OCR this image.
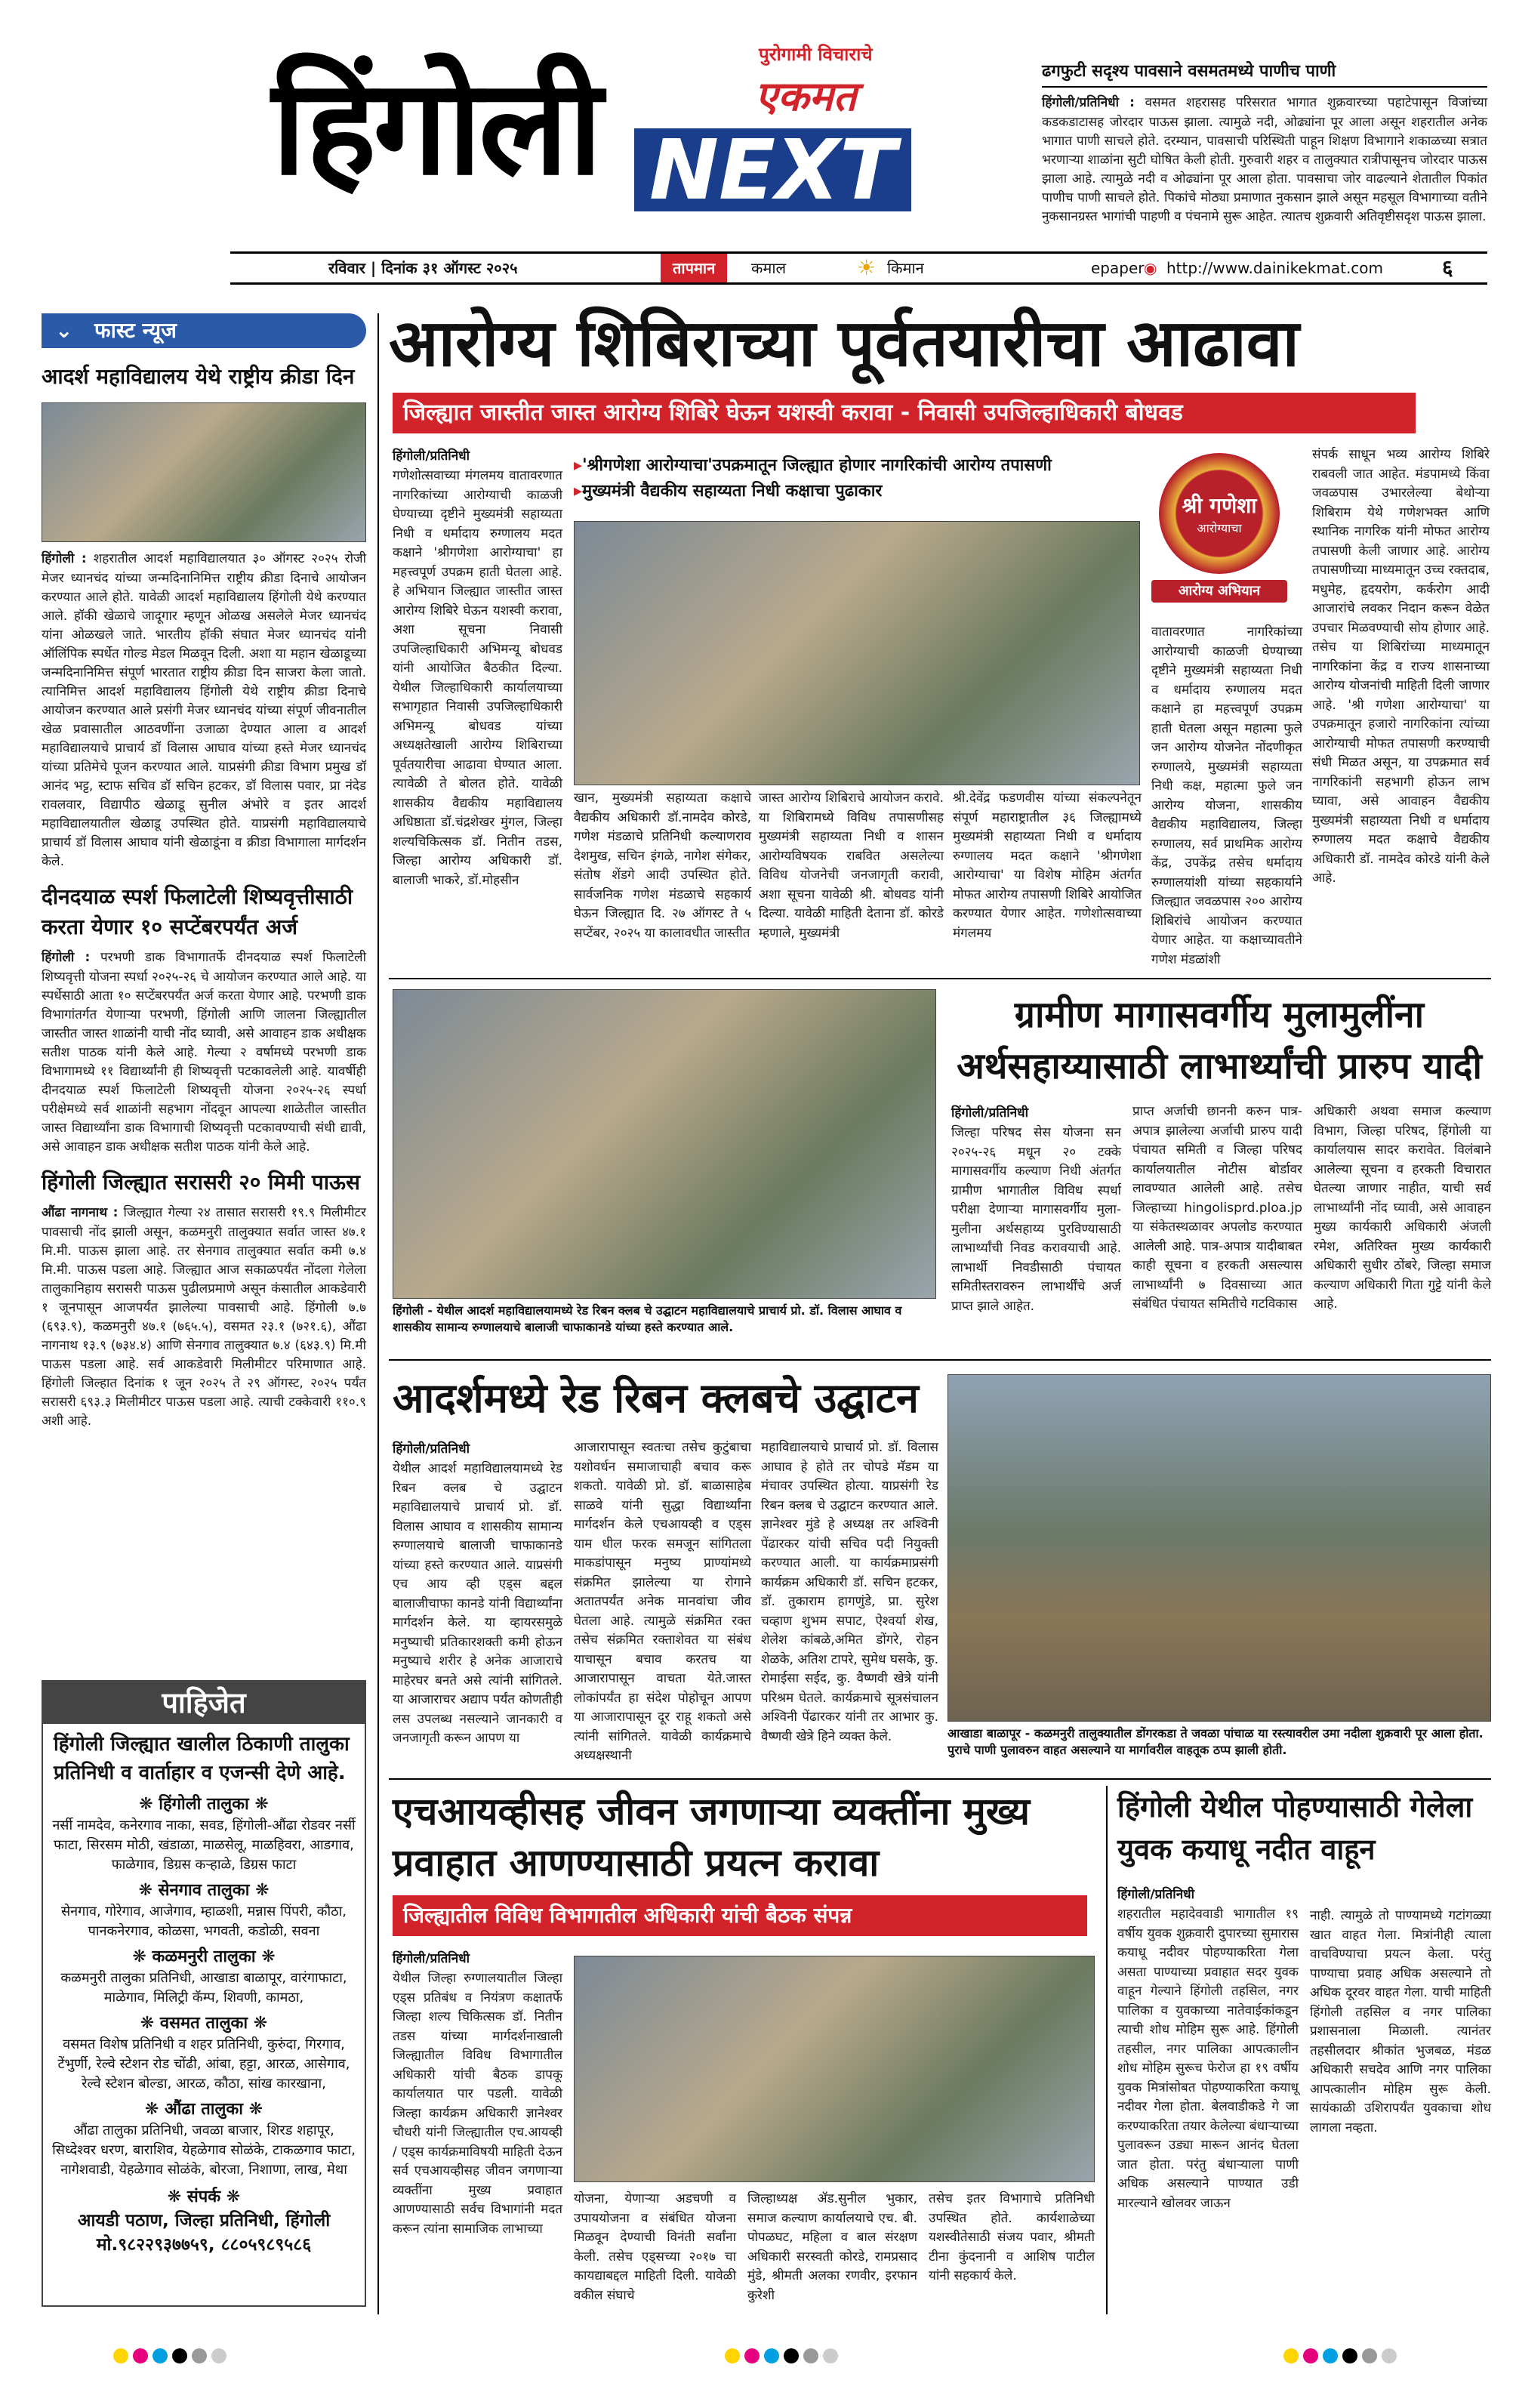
हिंगोली	पुरोगामी विचाराचे
एकमत
NEXT
ढगफुटी सदृश्य पावसाने वसमतमध्ये पाणीच पाणी
हिंगोली/प्रतिनिधी : वसमत शहरासह परिसरात भागात शुक्रवारच्या पहाटेपासून विजांच्या कडकडाटासह जोरदार पाऊस झाला. त्यामुळे नदी, ओढ्यांना पूर आला असून शहरातील अनेक भागात पाणी साचले होते. दरम्यान, पावसाची परिस्थिती पाहून शिक्षण विभागाने शकाळच्या सत्रात भरणाऱ्या शाळांना सुटी घोषित केली होती. गुरुवारी शहर व तालुक्यात रात्रीपासूनच जोरदार पाऊस झाला आहे. त्यामुळे नदी व ओढ्यांना पूर आला होता. पावसाचा जोर वाढल्याने शेतातील पिकांत पाणीच पाणी साचले होते. पिकांचे मोठ्या प्रमाणात नुकसान झाले असून महसूल विभागाच्या वतीने नुकसानग्रस्त भागांची पाहणी व पंचनामे सुरू आहेत. त्यातच शुक्रवारी अतिवृष्टीसदृश पाऊस झाला.
रविवार | दिनांक ३१ ऑगस्ट २०२५	तापमान	कमाल	☀ किमान	epaper ◉ http://www.dainikekmat.com	६
⌄ फास्ट न्यूज
आदर्श महाविद्यालय येथे राष्ट्रीय क्रीडा दिन
हिंगोली : शहरातील आदर्श महाविद्यालयात ३० ऑगस्ट २०२५ रोजी मेजर ध्यानचंद यांच्या जन्मदिनानिमित्त राष्ट्रीय क्रीडा दिनाचे आयोजन करण्यात आले होते. यावेळी आदर्श महाविद्यालय हिंगोली येथे करण्यात आले. हॉकी खेळाचे जादूगार म्हणून ओळख असलेले मेजर ध्यानचंद यांना ओळखले जाते. भारतीय हॉकी संघात मेजर ध्यानचंद यांनी ऑलिंपिक स्पर्धेत गोल्ड मेडल मिळवून दिली. अशा या महान खेळाडूच्या जन्मदिनानिमित्त संपूर्ण भारतात राष्ट्रीय क्रीडा दिन साजरा केला जातो. त्यानिमित्त आदर्श महाविद्यालय हिंगोली येथे राष्ट्रीय क्रीडा दिनाचे आयोजन करण्यात आले प्रसंगी मेजर ध्यानचंद यांच्या संपूर्ण जीवनातील खेळ प्रवासातील आठवणींना उजाळा देण्यात आला व आदर्श महाविद्यालयाचे प्राचार्य डॉ विलास आघाव यांच्या हस्ते मेजर ध्यानचंद यांच्या प्रतिमेचे पूजन करण्यात आले. याप्रसंगी क्रीडा विभाग प्रमुख डॉ आनंद भट्ट, स्टाफ सचिव डॉ सचिन हटकर, डॉ विलास पवार, प्रा नंदेड रावलवार, विद्यापीठ खेळाडू सुनील अंभोरे व इतर आदर्श महाविद्यालयातील खेळाडू उपस्थित होते. याप्रसंगी महाविद्यालयाचे प्राचार्य डॉ विलास आघाव यांनी खेळाडूंना व क्रीडा विभागाला मार्गदर्शन केले.
दीनदयाळ स्पर्श फिलाटेली शिष्यवृत्तीसाठी करता येणार १० सप्टेंबरपर्यंत अर्ज
हिंगोली : परभणी डाक विभागातर्फे दीनदयाळ स्पर्श फिलाटेली शिष्यवृत्ती योजना स्पर्धा २०२५-२६ चे आयोजन करण्यात आले आहे. या स्पर्धेसाठी आता १० सप्टेंबरपर्यंत अर्ज करता येणार आहे. परभणी डाक विभागांतर्गत येणाऱ्या परभणी, हिंगोली आणि जालना जिल्ह्यातील जास्तीत जास्त शाळांनी याची नोंद घ्यावी, असे आवाहन डाक अधीक्षक सतीश पाठक यांनी केले आहे. गेल्या २ वर्षामध्ये परभणी डाक विभागामध्ये ११ विद्यार्थ्यांनी ही शिष्यवृत्ती पटकावलेली आहे. यावर्षीही दीनदयाळ स्पर्श फिलाटेली शिष्यवृत्ती योजना २०२५-२६ स्पर्धा परीक्षेमध्ये सर्व शाळांनी सहभाग नोंदवून आपल्या शाळेतील जास्तीत जास्त विद्यार्थ्यांना डाक विभागाची शिष्यवृत्ती पटकावण्याची संधी द्यावी, असे आवाहन डाक अधीक्षक सतीश पाठक यांनी केले आहे.
हिंगोली जिल्ह्यात सरासरी २० मिमी पाऊस
औंढा नागनाथ : जिल्ह्यात गेल्या २४ तासात सरासरी १९.९ मिलीमीटर पावसाची नोंद झाली असून, कळमनुरी तालुक्यात सर्वात जास्त ४७.१ मि.मी. पाऊस झाला आहे. तर सेनगाव तालुक्यात सर्वात कमी ७.४ मि.मी. पाऊस पडला आहे. जिल्ह्यात आज सकाळपर्यंत नोंदला गेलेला तालुकानिहाय सरासरी पाऊस पुढीलप्रमाणे असून कंसातील आकडेवारी १ जूनपासून आजपर्यंत झालेल्या पावसाची आहे. हिंगोली ७.७ (६९३.९), कळमनुरी ४७.१ (७६५.५), वसमत २३.१ (७२१.६), औंढा नागनाथ १३.९ (७३४.४) आणि सेनगाव तालुक्यात ७.४ (६४३.९) मि.मी पाऊस पडला आहे. सर्व आकडेवारी मिलीमीटर परिमाणात आहे. हिंगोली जिल्हात दिनांक १ जून २०२५ ते २९ ऑगस्ट, २०२५ पर्यंत सरासरी ६९३.३ मिलीमीटर पाऊस पडला आहे. त्याची टक्केवारी ११०.९ अशी आहे.
पाहिजेत
हिंगोली जिल्ह्यात खालील ठिकाणी तालुका प्रतिनिधी व वार्ताहार व एजन्सी देणे आहे.
❋ हिंगोली तालुका ❋
नर्सी नामदेव, कनेरगाव नाका, सवड, हिंगोली-औंढा रोडवर नर्सी फाटा, सिरसम मोठी, खंडाळा, माळसेलू, माळहिवरा, आडगाव, फाळेगाव, डिग्रस कऱ्हाळे, डिग्रस फाटा
❋ सेनगाव तालुका ❋
सेनगाव, गोरेगाव, आजेगाव, म्हाळशी, मन्नास पिंपरी, कौठा, पानकनेरगाव, कोळसा, भगवती, कडोळी, सवना
❋ कळमनुरी तालुका ❋
कळमनुरी तालुका प्रतिनिधी, आखाडा बाळापूर, वारंगाफाटा, माळेगाव, मिलिट्री कॅम्प, शिवणी, कामठा,
❋ वसमत तालुका ❋
वसमत विशेष प्रतिनिधी व शहर प्रतिनिधी, कुरुंदा, गिरगाव, टेंभुर्णी, रेल्वे स्टेशन रोड चोंढी, आंबा, हट्टा, आरळ, आसेगाव, रेल्वे स्टेशन बोल्डा, आरळ, कौठा, सांख कारखाना,
❋ औंढा तालुका ❋
औंढा तालुका प्रतिनिधी, जवळा बाजार, शिरड शहापूर, सिध्देश्वर धरण, बाराशिव, येहळेगाव सोळंके, टाकळगाव फाटा, नागेशवाडी, येहळेगाव सोळंके, बोरजा, निशाणा, लाख, मेथा
❋ संपर्क ❋
आयडी पठाण, जिल्हा प्रतिनिधी, हिंगोली
मो.९८२२९३७७५९, ८८०५९८९५८६
आरोग्य शिबिराच्या पूर्वतयारीचा आढावा
जिल्ह्यात जास्तीत जास्त आरोग्य शिबिरे घेऊन यशस्वी करावा - निवासी उपजिल्हाधिकारी बोधवड
हिंगोली/प्रतिनिधी
गणेशोत्सवाच्या मंगलमय वातावरणात नागरिकांच्या आरोग्याची काळजी घेण्याच्या दृष्टीने मुख्यमंत्री सहाय्यता निधी व धर्मादाय रुग्णालय मदत कक्षाने 'श्रीगणेशा आरोग्याचा' हा महत्त्वपूर्ण उपक्रम हाती घेतला आहे. हे अभियान जिल्ह्यात जास्तीत जास्त आरोग्य शिबिरे घेऊन यशस्वी करावा, अशा सूचना निवासी उपजिल्हाधिकारी अभिमन्यू बोधवड यांनी आयोजित बैठकीत दिल्या. येथील जिल्हाधिकारी कार्यालयाच्या सभागृहात निवासी उपजिल्हाधिकारी अभिमन्यू बोधवड यांच्या अध्यक्षतेखाली आरोग्य शिबिराच्या पूर्वतयारीचा आढावा घेण्यात आला. त्यावेळी ते बोलत होते. यावेळी शासकीय वैद्यकीय महाविद्यालय अधिष्ठाता डॉ.चंद्रशेखर मुंगल, जिल्हा शल्यचिकित्सक डॉ. नितीन तडस, जिल्हा आरोग्य अधिकारी डॉ. बालाजी भाकरे, डॉ.मोहसीन
▸ 'श्रीगणेशा आरोग्याचा'उपक्रमातून जिल्ह्यात होणार नागरिकांची आरोग्य तपासणी
▸ मुख्यमंत्री वैद्यकीय सहाय्यता निधी कक्षाचा पुढाकार
खान, मुख्यमंत्री सहाय्यता कक्षाचे वैद्यकीय अधिकारी डॉ.नामदेव कोरडे, गणेश मंडळाचे प्रतिनिधी कल्याणराव देशमुख, सचिन इंगळे, नागेश संगेकर, संतोष शेंडगे आदी उपस्थित होते. सार्वजनिक गणेश मंडळाचे सहकार्य घेऊन जिल्ह्यात दि. २७ ऑगस्ट ते ५ सप्टेंबर, २०२५ या कालावधीत जास्तीत
जास्त आरोग्य शिबिराचे आयोजन करावे. या शिबिरामध्ये विविध तपासणीसह मुख्यमंत्री सहाय्यता निधी व शासन आरोग्यविषयक राबवित असलेल्या विविध योजनेची जनजागृती करावी, अशा सूचना यावेळी श्री. बोधवड यांनी दिल्या. यावेळी माहिती देताना डॉ. कोरडे म्हणाले, मुख्यमंत्री
श्री.देवेंद्र फडणवीस यांच्या संकल्पनेतून संपूर्ण महाराष्ट्रातील ३६ जिल्ह्यामध्ये मुख्यमंत्री सहाय्यता निधी व धर्मादाय रुग्णालय मदत कक्षाने 'श्रीगणेशा आरोग्याचा' या विशेष मोहिम अंतर्गत मोफत आरोग्य तपासणी शिबिरे आयोजित करण्यात येणार आहेत. गणेशोत्सवाच्या मंगलमय
श्री गणेशा
आरोग्याचा
आरोग्य अभियान
वातावरणात नागरिकांच्या आरोग्याची काळजी घेण्याच्या दृष्टीने मुख्यमंत्री सहाय्यता निधी व धर्मादाय रुग्णालय मदत कक्षाने हा महत्त्वपूर्ण उपक्रम हाती घेतला असून महात्मा फुले जन आरोग्य योजनेत नोंदणीकृत रुग्णालये, मुख्यमंत्री सहाय्यता निधी कक्ष, महात्मा फुले जन आरोग्य योजना, शासकीय वैद्यकीय महाविद्यालय, जिल्हा रुग्णालय, सर्व प्राथमिक आरोग्य केंद्र, उपकेंद्र तसेच धर्मादाय रुग्णालयांशी यांच्या सहकार्याने जिल्ह्यात जवळपास २०० आरोग्य शिबिरांचे आयोजन करण्यात येणार आहेत. या कक्षाच्यावतीने गणेश मंडळांशी
संपर्क साधून भव्य आरोग्य शिबिरे राबवली जात आहेत. मंडपामध्ये किंवा जवळपास उभारलेल्या बेथोऱ्या शिबिराम येथे गणेशभक्त आणि स्थानिक नागरिक यांनी मोफत आरोग्य तपासणी केली जाणार आहे. आरोग्य तपासणीच्या माध्यमातून उच्च रक्तदाब, मधुमेह, हृदयरोग, कर्करोग आदी आजारांचे लवकर निदान करून वेळेत उपचार मिळवण्याची सोय होणार आहे. तसेच या शिबिरांच्या माध्यमातून नागरिकांना केंद्र व राज्य शासनाच्या आरोग्य योजनांची माहिती दिली जाणार आहे. 'श्री गणेशा आरोग्याचा' या उपक्रमातून हजारो नागरिकांना त्यांच्या आरोग्याची मोफत तपासणी करण्याची संधी मिळत असून, या उपक्रमात सर्व नागरिकांनी सहभागी होऊन लाभ घ्यावा, असे आवाहन वैद्यकीय मुख्यमंत्री सहाय्यता निधी व धर्मादाय रुग्णालय मदत कक्षाचे वैद्यकीय अधिकारी डॉ. नामदेव कोरडे यांनी केले आहे.
हिंगोली - येथील आदर्श महाविद्यालयामध्ये रेड रिबन क्लब चे उद्घाटन महाविद्यालयाचे प्राचार्य प्रो. डॉ. विलास आघाव व शासकीय सामान्य रुग्णालयाचे बालाजी चाफाकानडे यांच्या हस्ते करण्यात आले.
ग्रामीण मागासवर्गीय मुलामुलींना अर्थसहाय्यासाठी लाभार्थ्यांची प्रारुप यादी
हिंगोली/प्रतिनिधी
जिल्हा परिषद सेस योजना सन २०२५-२६ मधून २० टक्के मागासवर्गीय कल्याण निधी अंतर्गत ग्रामीण भागातील विविध स्पर्धा परीक्षा देणाऱ्या मागासवर्गीय मुला-मुलीना अर्थसहाय्य पुरविण्यासाठी लाभार्थ्यांची निवड करावयाची आहे. लाभार्थी निवडीसाठी पंचायत समितीस्तरावरुन लाभार्थींचे अर्ज प्राप्त झाले आहेत.
प्राप्त अर्जाची छाननी करुन पात्र-अपात्र झालेल्या अर्जाची प्रारुप यादी पंचायत समिती व जिल्हा परिषद कार्यालयातील नोटीस बोर्डावर लावण्यात आलेली आहे. तसेच जिल्हाच्या hingolisprd.ploa.jp या संकेतस्थळावर अपलोड करण्यात आलेली आहे. पात्र-अपात्र यादीबाबत काही सूचना व हरकती असल्यास लाभार्थ्यांनी ७ दिवसाच्या आत संबंधित पंचायत समितीचे गटविकास
अधिकारी अथवा समाज कल्याण विभाग, जिल्हा परिषद, हिंगोली या कार्यालयास सादर करावेत. विलंबाने आलेल्या सूचना व हरकती विचारात घेतल्या जाणार नाहीत, याची सर्व लाभार्थ्यांनी नोंद घ्यावी, असे आवाहन मुख्य कार्यकारी अधिकारी अंजली रमेश, अतिरिक्त मुख्य कार्यकारी अधिकारी सुधीर ठोंबरे, जिल्हा समाज कल्याण अधिकारी गिता गुट्टे यांनी केले आहे.
आदर्शमध्ये रेड रिबन क्लबचे उद्घाटन
हिंगोली/प्रतिनिधी
येथील आदर्श महाविद्यालयामध्ये रेड रिबन क्लब चे उद्घाटन महाविद्यालयाचे प्राचार्य प्रो. डॉ. विलास आघाव व शासकीय सामान्य रुग्णालयाचे बालाजी चाफाकानडे यांच्या हस्ते करण्यात आले. याप्रसंगी एच आय व्ही एड्स बद्दल बालाजीचाफा कानडे यांनी विद्यार्थ्यांना मार्गदर्शन केले. या व्हायरसमुळे मनुष्याची प्रतिकारशक्ती कमी होऊन मनुष्याचे शरीर हे अनेक आजाराचे माहेरघर बनते असे त्यांनी सांगितले. या आजाराचर अद्याप पर्यंत कोणतीही लस उपलब्ध नसल्याने जानकारी व जनजागृती करून आपण या
आजारापासून स्वतःचा तसेच कुटुंबाचा यशोवर्धन समाजाचाही बचाव करू शकतो. यावेळी प्रो. डॉ. बाळासाहेब साळवे यांनी सुद्धा विद्यार्थ्यांना मार्गदर्शन केले एचआयव्ही व एड्स याम धील फरक समजून सांगितला माकडांपासून मनुष्य प्राण्यांमध्ये संक्रमित झालेल्या या रोगाने अतातपर्यंत अनेक मानवांचा जीव घेतला आहे. त्यामुळे संक्रमित रक्त तसेच संक्रमित रक्ताशेवत या संबंध याचासून बचाव करतच या आजारापासून वाचता येते.जास्त लोकांपर्यंत हा संदेश पोहोचून आपण या आजारापासून दूर राहू शकतो असे त्यांनी सांगितले. यावेळी कार्यक्रमाचे अध्यक्षस्थानी
महाविद्यालयाचे प्राचार्य प्रो. डॉ. विलास आघाव हे होते तर चोपडे मॅडम या मंचावर उपस्थित होत्या. याप्रसंगी रेड रिबन क्लब चे उद्घाटन करण्यात आले. ज्ञानेश्वर मुंडे हे अध्यक्ष तर अश्विनी पेंढारकर यांची सचिव पदी नियुक्ती करण्यात आली. या कार्यक्रमाप्रसंगी कार्यक्रम अधिकारी डॉ. सचिन हटकर, डॉ. तुकाराम हागणुंडे, प्रा. सुरेश चव्हाण शुभम सपाट, ऐश्वर्या शेख, शेलेश कांबळे,अमित डोंगरे, रोहन शेळके, अतिश टापरे, सुमेध घसके, कु. रोमाईसा सईद, कु. वैष्णवी खेत्रे यांनी परिश्रम घेतले. कार्यक्रमाचे सूत्रसंचालन अश्विनी पेंढारकर यांनी तर आभार कु. वैष्णवी खेत्रे हिने व्यक्त केले.	आखाडा बाळापूर - कळमनुरी तालुक्यातील डोंगरकडा ते जवळा पांचाळ या रस्त्यावरील उमा नदीला शुक्रवारी पूर आला होता. पुराचे पाणी पुलावरुन वाहत असल्याने या मार्गावरील वाहतूक ठप्प झाली होती.
एचआयव्हीसह जीवन जगणाऱ्या व्यक्तींना मुख्य प्रवाहात आणण्यासाठी प्रयत्न करावा
जिल्ह्यातील विविध विभागातील अधिकारी यांची बैठक संपन्न
हिंगोली/प्रतिनिधी
येथील जिल्हा रुग्णालयातील जिल्हा एड्स प्रतिबंध व नियंत्रण कक्षातर्फे जिल्हा शल्य चिकित्सक डॉ. नितीन तडस यांच्या मार्गदर्शनाखाली जिल्ह्यातील विविध विभागातील अधिकारी यांची बैठक डापकू कार्यालयात पार पडली. यावेळी जिल्हा कार्यक्रम अधिकारी ज्ञानेश्वर चौधरी यांनी जिल्ह्यातील एच.आयव्ही / एड्स कार्यक्रमाविषयी माहिती देऊन सर्व एचआयव्हीसह जीवन जगणाऱ्या व्यक्तींना मुख्य प्रवाहात आणण्यासाठी सर्वच विभागांनी मदत करून त्यांना सामाजिक लाभाच्या
योजना, येणाऱ्या अडचणी व उपाययोजना व संबंधित योजना मिळवून देण्याची विनंती सर्वांना केली. तसेच एड्सच्या २०१७ चा कायद्याबद्दल माहिती दिली. यावेळी वकील संघाचे
जिल्हाध्यक्ष ॲड.सुनील भुकार, समाज कल्याण कार्यालयाचे एच. बी. पोपळघट, महिला व बाल संरक्षण अधिकारी सरस्वती कोरडे, रामप्रसाद मुंडे, श्रीमती अलका रणवीर, इरफान कुरेशी
तसेच इतर विभागाचे प्रतिनिधी उपस्थित होते. कार्यशाळेच्या यशस्वीतेसाठी संजय पवार, श्रीमती टीना कुंदनानी व आशिष पाटील यांनी सहकार्य केले.
हिंगोली येथील पोहण्यासाठी गेलेला युवक कयाधू नदीत वाहून
हिंगोली/प्रतिनिधी
शहरातील महादेववाडी भागातील १९ वर्षीय युवक शुक्रवारी दुपारच्या सुमारास कयाधू नदीवर पोहण्याकरिता गेला असता पाण्याच्या प्रवाहात सदर युवक वाहून गेल्याने हिंगोली तहसिल, नगर पालिका व युवकाच्या नातेवाईकांकडून त्याची शोध मोहिम सुरू आहे. हिंगोली तहसील, नगर पालिका आपत्कालीन शोध मोहिम सुरूच फेरोज हा १९ वर्षीय युवक मित्रांसोबत पोहण्याकरिता कयाधू नदीवर गेला होता. बेलवाडीकडे गे जा करण्याकरिता तयार केलेल्या बंधाऱ्याच्या पुलावरून उड्या मारून आनंद घेतला जात होता. परंतु बंधाऱ्याला पाणी अधिक असल्याने पाण्यात उडी मारल्याने खोलवर जाऊन
नाही. त्यामुळे तो पाण्यामध्ये गटांगळ्या खात वाहत गेला. मित्रांनीही त्याला वाचविण्याचा प्रयत्न केला. परंतु पाण्याचा प्रवाह अधिक असल्याने तो अधिक दूरवर वाहत गेला. याची माहिती हिंगोली तहसिल व नगर पालिका प्रशासनाला मिळाली. त्यानंतर तहसीलदार श्रीकांत भुजबळ, मंडळ अधिकारी सचदेव आणि नगर पालिका आपत्कालीन मोहिम सुरू केली. सायंकाळी उशिरापर्यंत युवकाचा शोध लागला नव्हता.
